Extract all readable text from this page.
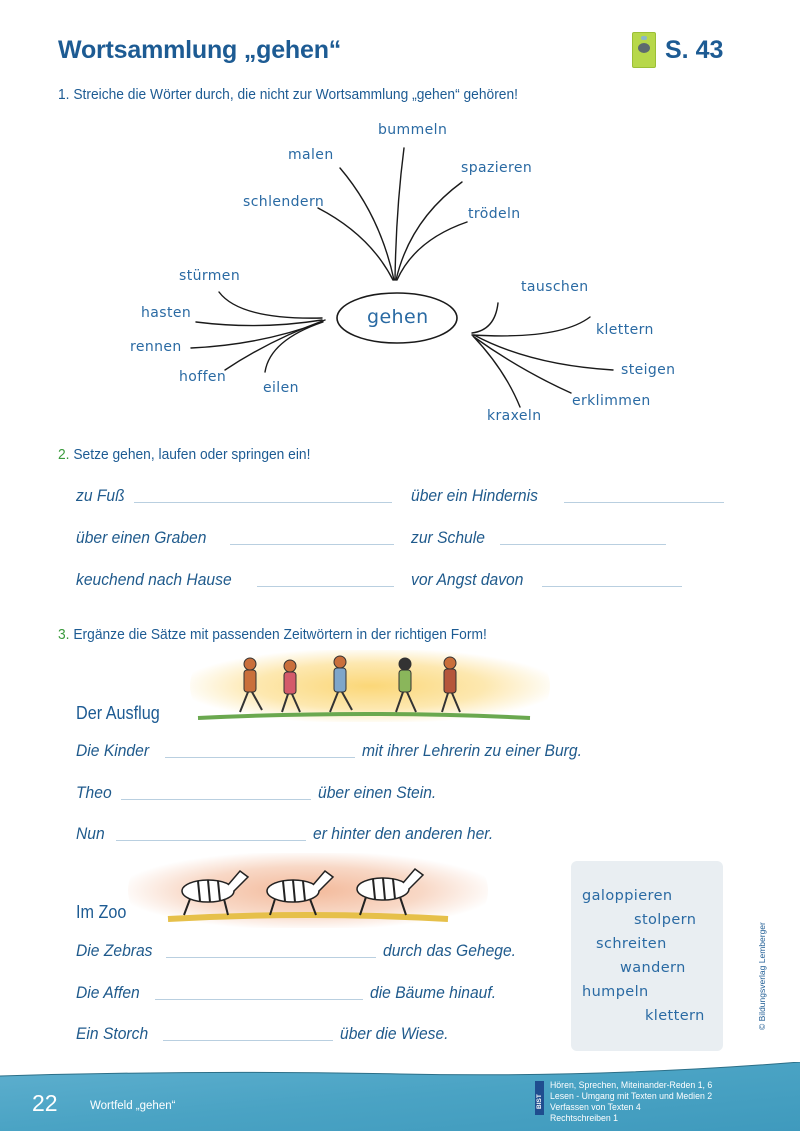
Wortsammlung „gehen“	S. 43
1. Streiche die Wörter durch, die nicht zur Wortsammlung „gehen“ gehören!
bummeln
malen
spazieren
schlendern
trödeln
stürmen
tauschen
hasten
klettern
rennen
steigen
hoffen
eilen
erklimmen
kraxeln
gehen
2. Setze gehen, laufen oder springen ein!
zu Fuß	über ein Hindernis
über einen Graben	zur Schule
keuchend nach Hause	vor Angst davon
3. Ergänze die Sätze mit passenden Zeitwörtern in der richtigen Form!
Der Ausflug
Die Kinder	mit ihrer Lehrerin zu einer Burg.
Theo	über einen Stein.
Nun	er hinter den anderen her.
Im Zoo
Die Zebras	durch das Gehege.
Die Affen	die Bäume hinauf.
Ein Storch	über die Wiese.
galoppieren
stolpern
schreiten
wandern
humpeln
klettern	© Bildungsverlag Lemberger
22	Wortfeld „gehen“	BIST
Hören, Sprechen, Miteinander-Reden 1, 6
Lesen - Umgang mit Texten und Medien 2
Verfassen von Texten 4
Rechtschreiben 1
